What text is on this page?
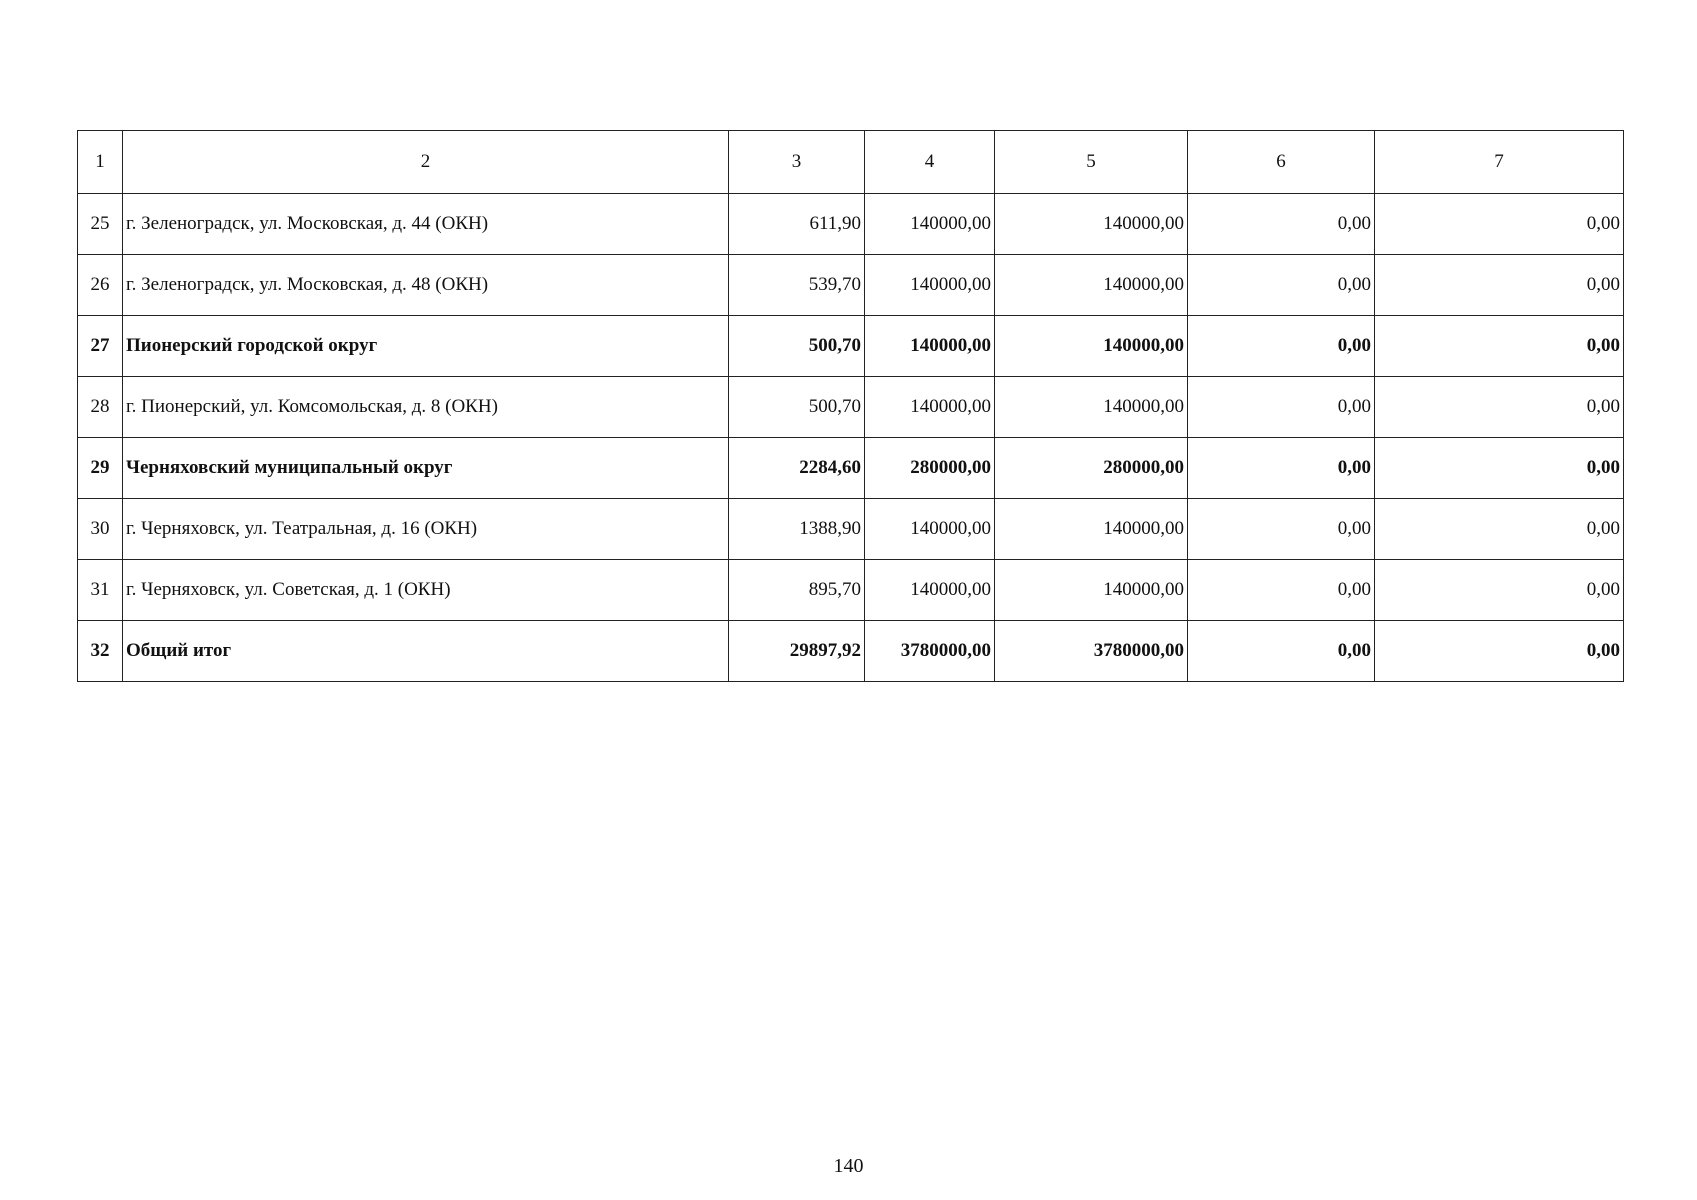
1	2	3	4	5	6	7
25	г. Зеленоградск, ул. Московская, д. 44 (ОКН)	611,90	140000,00	140000,00	0,00	0,00
26	г. Зеленоградск, ул. Московская, д. 48 (ОКН)	539,70	140000,00	140000,00	0,00	0,00
27	Пионерский городской округ	500,70	140000,00	140000,00	0,00	0,00
28	г. Пионерский, ул. Комсомольская, д. 8 (ОКН)	500,70	140000,00	140000,00	0,00	0,00
29	Черняховский муниципальный округ	2284,60	280000,00	280000,00	0,00	0,00
30	г. Черняховск, ул. Театральная, д. 16 (ОКН)	1388,90	140000,00	140000,00	0,00	0,00
31	г. Черняховск, ул. Советская, д. 1 (ОКН)	895,70	140000,00	140000,00	0,00	0,00
32	Общий итог	29897,92	3780000,00	3780000,00	0,00	0,00
140
